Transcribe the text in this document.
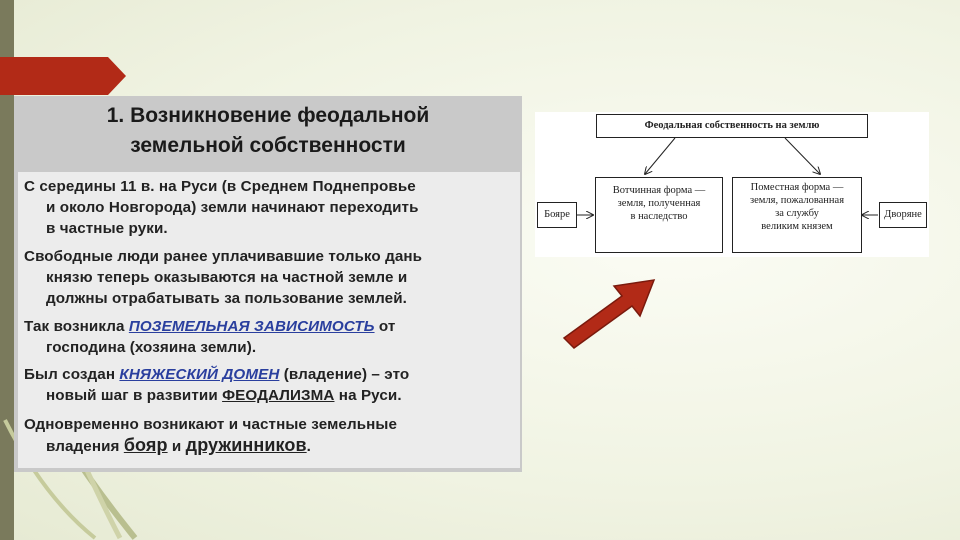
1. Возникновение феодальной
земельной собственности
С середины 11 в. на Руси (в Среднем Поднепровье
и около Новгорода) земли начинают переходить
в частные руки.
Свободные люди ранее уплачивавшие только дань
князю теперь оказываются на частной земле и
должны отрабатывать за пользование землей.
Так возникла ПОЗЕМЕЛЬНАЯ ЗАВИСИМОСТЬ от
господина (хозяина земли).
Был создан КНЯЖЕСКИЙ ДОМЕН (владение) – это
новый шаг в развитии ФЕОДАЛИЗМА на Руси.
Одновременно возникают и частные земельные
владения бояр и дружинников.
Феодальная собственность на землю
Вотчинная форма —
земля, полученная
в наследство
Поместная форма —
земля, пожалованная
за службу
великим князем
Бояре	Дворяне
